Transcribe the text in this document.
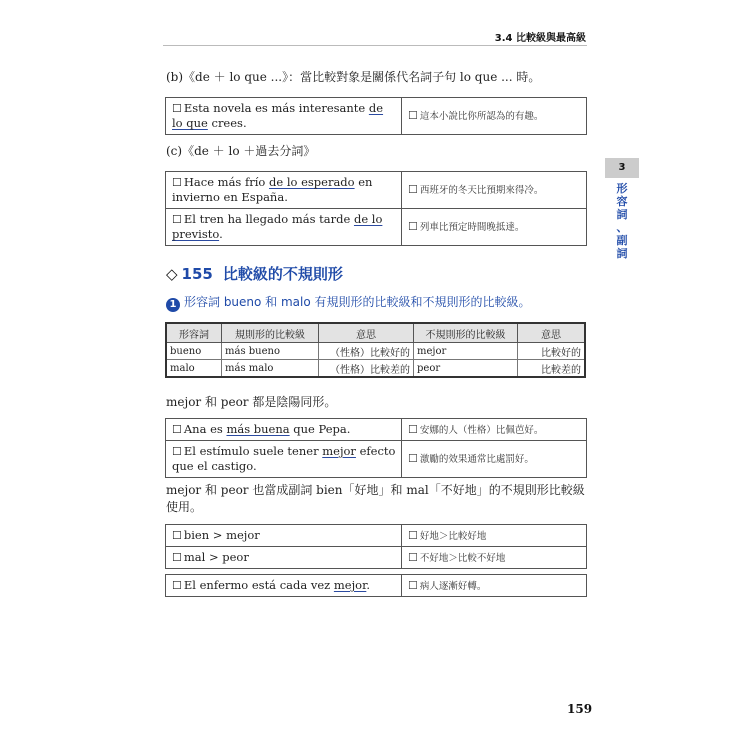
3.4 比較級與最高級
3
形
容
詞
、
副
詞
(b)《de ＋ lo que ...》：當比較對象是關係代名詞子句 lo que ... 時。
☐ Esta novela es más interesante de lo que crees.	☐ 這本小說比你所認為的有趣。
(c)《de ＋ lo ＋過去分詞》
☐ Hace más frío de lo esperado en invierno en España.	☐ 西班牙的冬天比預期來得冷。
☐ El tren ha llegado más tarde de lo previsto.	☐ 列車比預定時間晚抵達。
◇ 155 比較級的不規則形
1 形容詞 bueno 和 malo 有規則形的比較級和不規則形的比較級。
形容詞	規則形的比較級	意思	不規則形的比較級	意思
bueno	más bueno	（性格）比較好的	mejor	比較好的
malo	más malo	（性格）比較差的	peor	比較差的
mejor 和 peor 都是陰陽同形。
☐ Ana es más buena que Pepa.	☐ 安娜的人（性格）比佩芭好。
☐ El estímulo suele tener mejor efecto que el castigo.	☐ 激勵的效果通常比處罰好。
mejor 和 peor 也當成副詞 bien「好地」和 mal「不好地」的不規則形比較級使用。
☐ bien > mejor	☐ 好地＞比較好地
☐ mal > peor	☐ 不好地＞比較不好地
☐ El enfermo está cada vez mejor.	☐ 病人逐漸好轉。
159
